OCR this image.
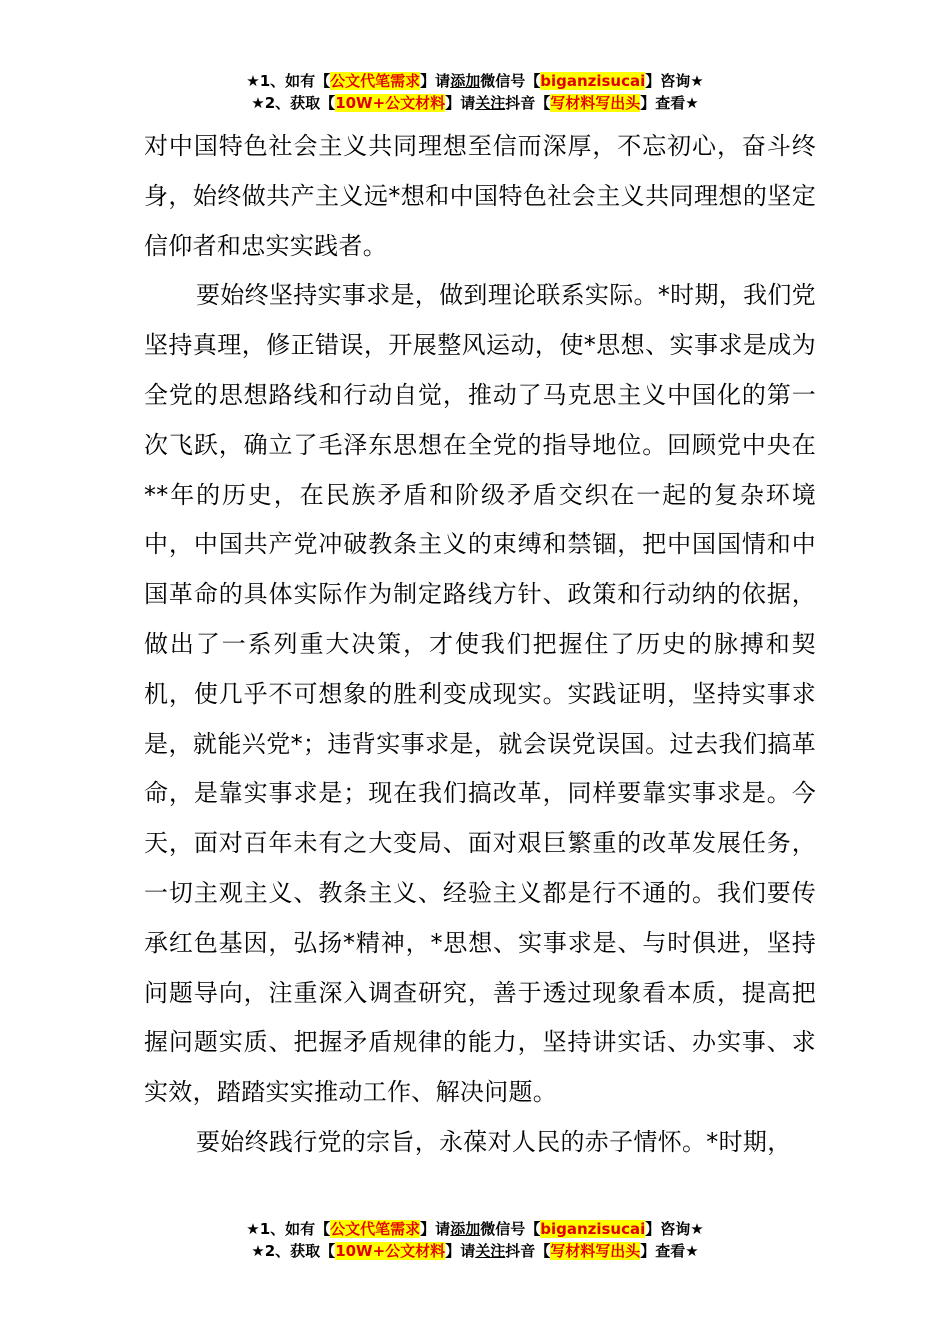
★1、如有【公文代笔需求】请添加微信号【biganzisucai】咨询★
★2、获取【10W+公文材料】请关注抖音【写材料写出头】查看★

对中国特色社会主义共同理想至信而深厚，不忘初心，奋斗终身，始终做共产主义远*想和中国特色社会主义共同理想的坚定信仰者和忠实实践者。

要始终坚持实事求是，做到理论联系实际。*时期，我们党坚持真理，修正错误，开展整风运动，使*思想、实事求是成为全党的思想路线和行动自觉，推动了马克思主义中国化的第一次飞跃，确立了毛泽东思想在全党的指导地位。回顾党中央在**年的历史，在民族矛盾和阶级矛盾交织在一起的复杂环境中，中国共产党冲破教条主义的束缚和禁锢，把中国国情和中国革命的具体实际作为制定路线方针、政策和行动纳的依据，做出了一系列重大决策，才使我们把握住了历史的脉搏和契机，使几乎不可想象的胜利变成现实。实践证明，坚持实事求是，就能兴党*；违背实事求是，就会误党误国。过去我们搞革命，是靠实事求是；现在我们搞改革，同样要靠实事求是。今天，面对百年未有之大变局、面对艰巨繁重的改革发展任务，一切主观主义、教条主义、经验主义都是行不通的。我们要传承红色基因，弘扬*精神，*思想、实事求是、与时俱进，坚持问题导向，注重深入调查研究，善于透过现象看本质，提高把握问题实质、把握矛盾规律的能力，坚持讲实话、办实事、求实效，踏踏实实推动工作、解决问题。

要始终践行党的宗旨，永葆对人民的赤子情怀。*时期，

★1、如有【公文代笔需求】请添加微信号【biganzisucai】咨询★
★2、获取【10W+公文材料】请关注抖音【写材料写出头】查看★
